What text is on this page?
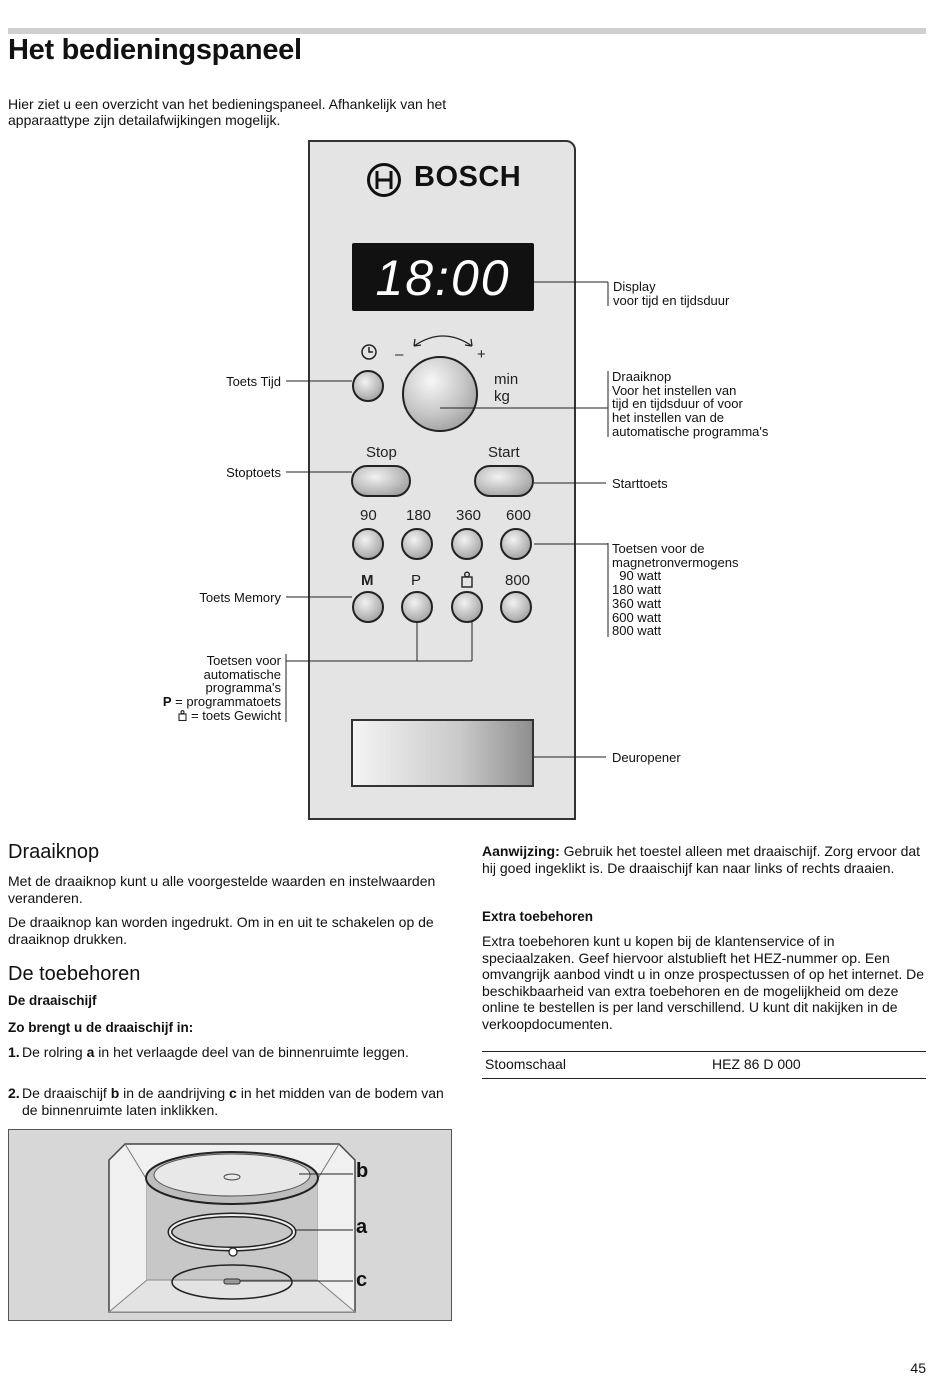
Het bedieningspaneel

Hier ziet u een overzicht van het bedieningspaneel. Afhankelijk van het apparaattype zijn detailafwijkingen mogelijk.

BOSCH
18:00
–	+
min
kg
Stop	Start
90 180 360 600
M	P	800
Display
voor tijd en tijdsduur
Draaiknop
Voor het instellen van
tijd en tijdsduur of voor
het instellen van de
automatische programma's
Starttoets
Toetsen voor de
magnetronvermogens
90 watt
180 watt
360 watt
600 watt
800 watt
Deuropener
Toets Tijd
Stoptoets
Toets Memory
Toetsen voor
automatische
programma's
P = programmatoets
= toets Gewicht
Draaiknop

Met de draaiknop kunt u alle voorgestelde waarden en instelwaarden veranderen.

De draaiknop kan worden ingedrukt. Om in en uit te schakelen op de draaiknop drukken.

De toebehoren

De draaischijf

Zo brengt u de draaischijf in:

1. De rolring a in het verlaagde deel van de binnenruimte leggen.

2. De draaischijf b in de aandrijving c in het midden van de bodem van de binnenruimte laten inklikken.

b
a
c

Aanwijzing: Gebruik het toestel alleen met draaischijf. Zorg ervoor dat hij goed ingeklikt is. De draaischijf kan naar links of rechts draaien.

Extra toebehoren

Extra toebehoren kunt u kopen bij de klantenservice of in speciaalzaken. Geef hiervoor alstublieft het HEZ-nummer op. Een omvangrijk aanbod vindt u in onze prospectussen of op het internet. De beschikbaarheid van extra toebehoren en de mogelijkheid om deze online te bestellen is per land verschillend. U kunt dit nakijken in de verkoopdocumenten.

Stoomschaal	HEZ 86 D 000
45
